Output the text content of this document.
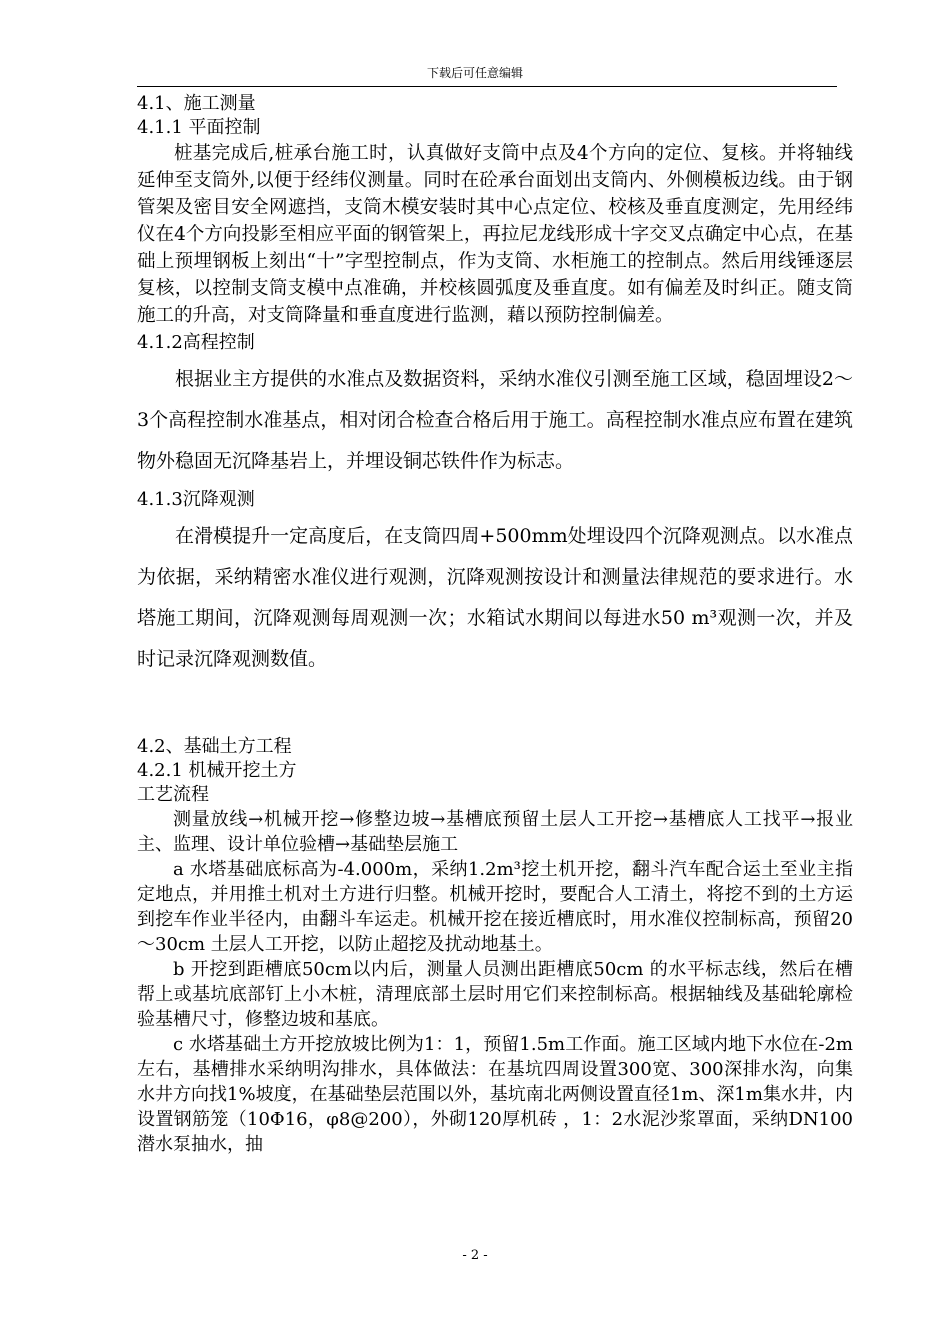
下载后可任意编辑
4.1、施工测量
4.1.1 平面控制

桩基完成后,桩承台施工时，认真做好支筒中点及4个方向的定位、复核。并将轴线延伸至支筒外,以便于经纬仪测量。同时在砼承台面划出支筒内、外侧模板边线。由于钢管架及密目安全网遮挡，支筒木模安装时其中心点定位、校核及垂直度测定，先用经纬仪在4个方向投影至相应平面的钢管架上，再拉尼龙线形成十字交叉点确定中心点，在基础上预埋钢板上刻出“十”字型控制点，作为支筒、水柜施工的控制点。然后用线锤逐层复核，以控制支筒支模中点准确，并校核圆弧度及垂直度。如有偏差及时纠正。随支筒施工的升高，对支筒降量和垂直度进行监测，藉以预防控制偏差。

4.1.2高程控制

根据业主方提供的水准点及数据资料，采纳水准仪引测至施工区域，稳固埋设2～3个高程控制水准基点，相对闭合检查合格后用于施工。高程控制水准点应布置在建筑物外稳固无沉降基岩上，并埋设铜芯铁件作为标志。

4.1.3沉降观测

在滑模提升一定高度后，在支筒四周+500mm处埋设四个沉降观测点。以水准点为依据，采纳精密水准仪进行观测，沉降观测按设计和测量法律规范的要求进行。水塔施工期间，沉降观测每周观测一次；水箱试水期间以每进水50 m³观测一次，并及时记录沉降观测数值。

4.2、基础土方工程
4.2.1 机械开挖土方
工艺流程

测量放线→机械开挖→修整边坡→基槽底预留土层人工开挖→基槽底人工找平→报业主、监理、设计单位验槽→基础垫层施工

a 水塔基础底标高为-4.000m，采纳1.2m³挖土机开挖，翻斗汽车配合运土至业主指定地点，并用推土机对土方进行归整。机械开挖时，要配合人工清土，将挖不到的土方运到挖车作业半径内，由翻斗车运走。机械开挖在接近槽底时，用水准仪控制标高，预留20～30cm 土层人工开挖，以防止超挖及扰动地基土。

b 开挖到距槽底50cm以内后，测量人员测出距槽底50cm 的水平标志线，然后在槽帮上或基坑底部钉上小木桩，清理底部土层时用它们来控制标高。根据轴线及基础轮廓检验基槽尺寸，修整边坡和基底。

c 水塔基础土方开挖放坡比例为1：1，预留1.5m工作面。施工区域内地下水位在-2m左右，基槽排水采纳明沟排水，具体做法：在基坑四周设置300宽、300深排水沟，向集水井方向找1%坡度，在基础垫层范围以外，基坑南北两侧设置直径1m、深1m集水井，内设置钢筋笼（10Φ16，φ8@200），外砌120厚机砖 ，1：2水泥沙浆罩面，采纳DN100潜水泵抽水，抽

- 2 -
